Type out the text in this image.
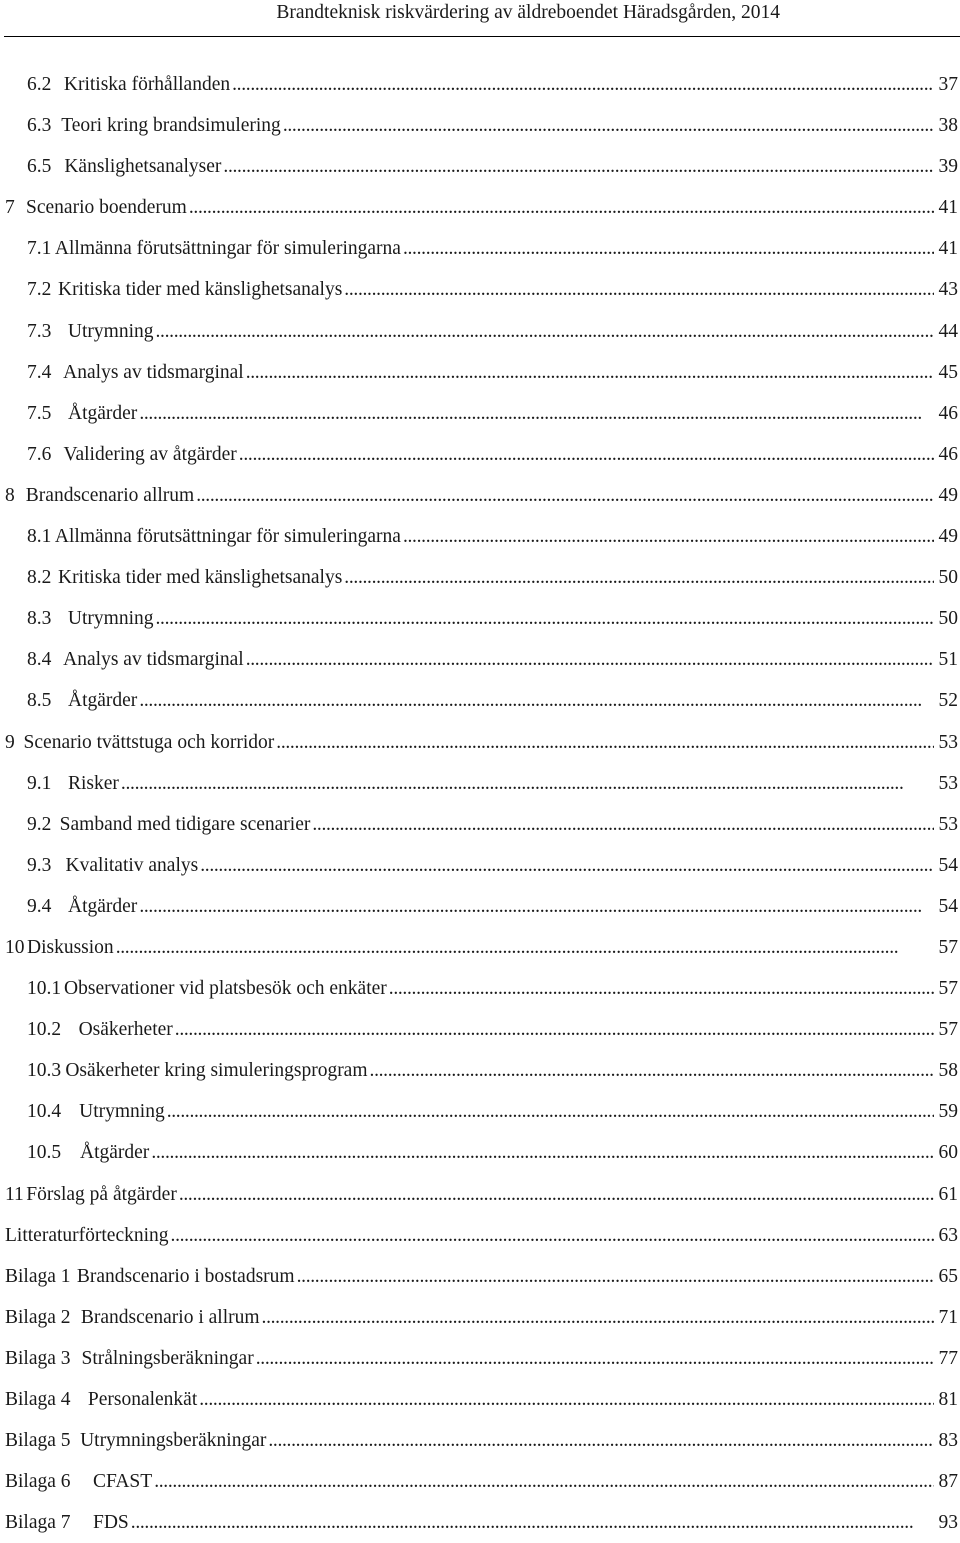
Brandteknisk riskvärdering av äldreboendet Häradsgården, 2014
6.2 Kritiska förhållanden . . .	37
6.3 Teori kring brandsimulering . . .	38
6.5 Känslighetsanalyser . . .	39
7 Scenario boenderum . . .	41
7.1 Allmänna förutsättningar för simuleringarna . . .	41
7.2 Kritiska tider med känslighetsanalys . . .	43
7.3 Utrymning . . .	44
7.4 Analys av tidsmarginal . . .	45
7.5 Åtgärder . . .	46
7.6 Validering av åtgärder . . .	46
8 Brandscenario allrum . . .	49
8.1 Allmänna förutsättningar för simuleringarna . . .	49
8.2 Kritiska tider med känslighetsanalys . . .	50
8.3 Utrymning . . .	50
8.4 Analys av tidsmarginal . . .	51
8.5 Åtgärder . . .	52
9 Scenario tvättstuga och korridor . . .	53
9.1 Risker . . .	53
9.2 Samband med tidigare scenarier . . .	53
9.3 Kvalitativ analys . . .	54
9.4 Åtgärder . . .	54
10 Diskussion . . .	57
10.1 Observationer vid platsbesök och enkäter . . .	57
10.2 Osäkerheter . . .	57
10.3 Osäkerheter kring simuleringsprogram . . .	58
10.4 Utrymning . . .	59
10.5 Åtgärder . . .	60
11 Förslag på åtgärder . . .	61
Litteraturförteckning . . .	63
Bilaga 1 Brandscenario i bostadsrum . . .	65
Bilaga 2 Brandscenario i allrum . . .	71
Bilaga 3 Strålningsberäkningar . . .	77
Bilaga 4 Personalenkät . . .	81
Bilaga 5 Utrymningsberäkningar . . .	83
Bilaga 6	CFAST . . .	87
Bilaga 7	FDS . . .	93
